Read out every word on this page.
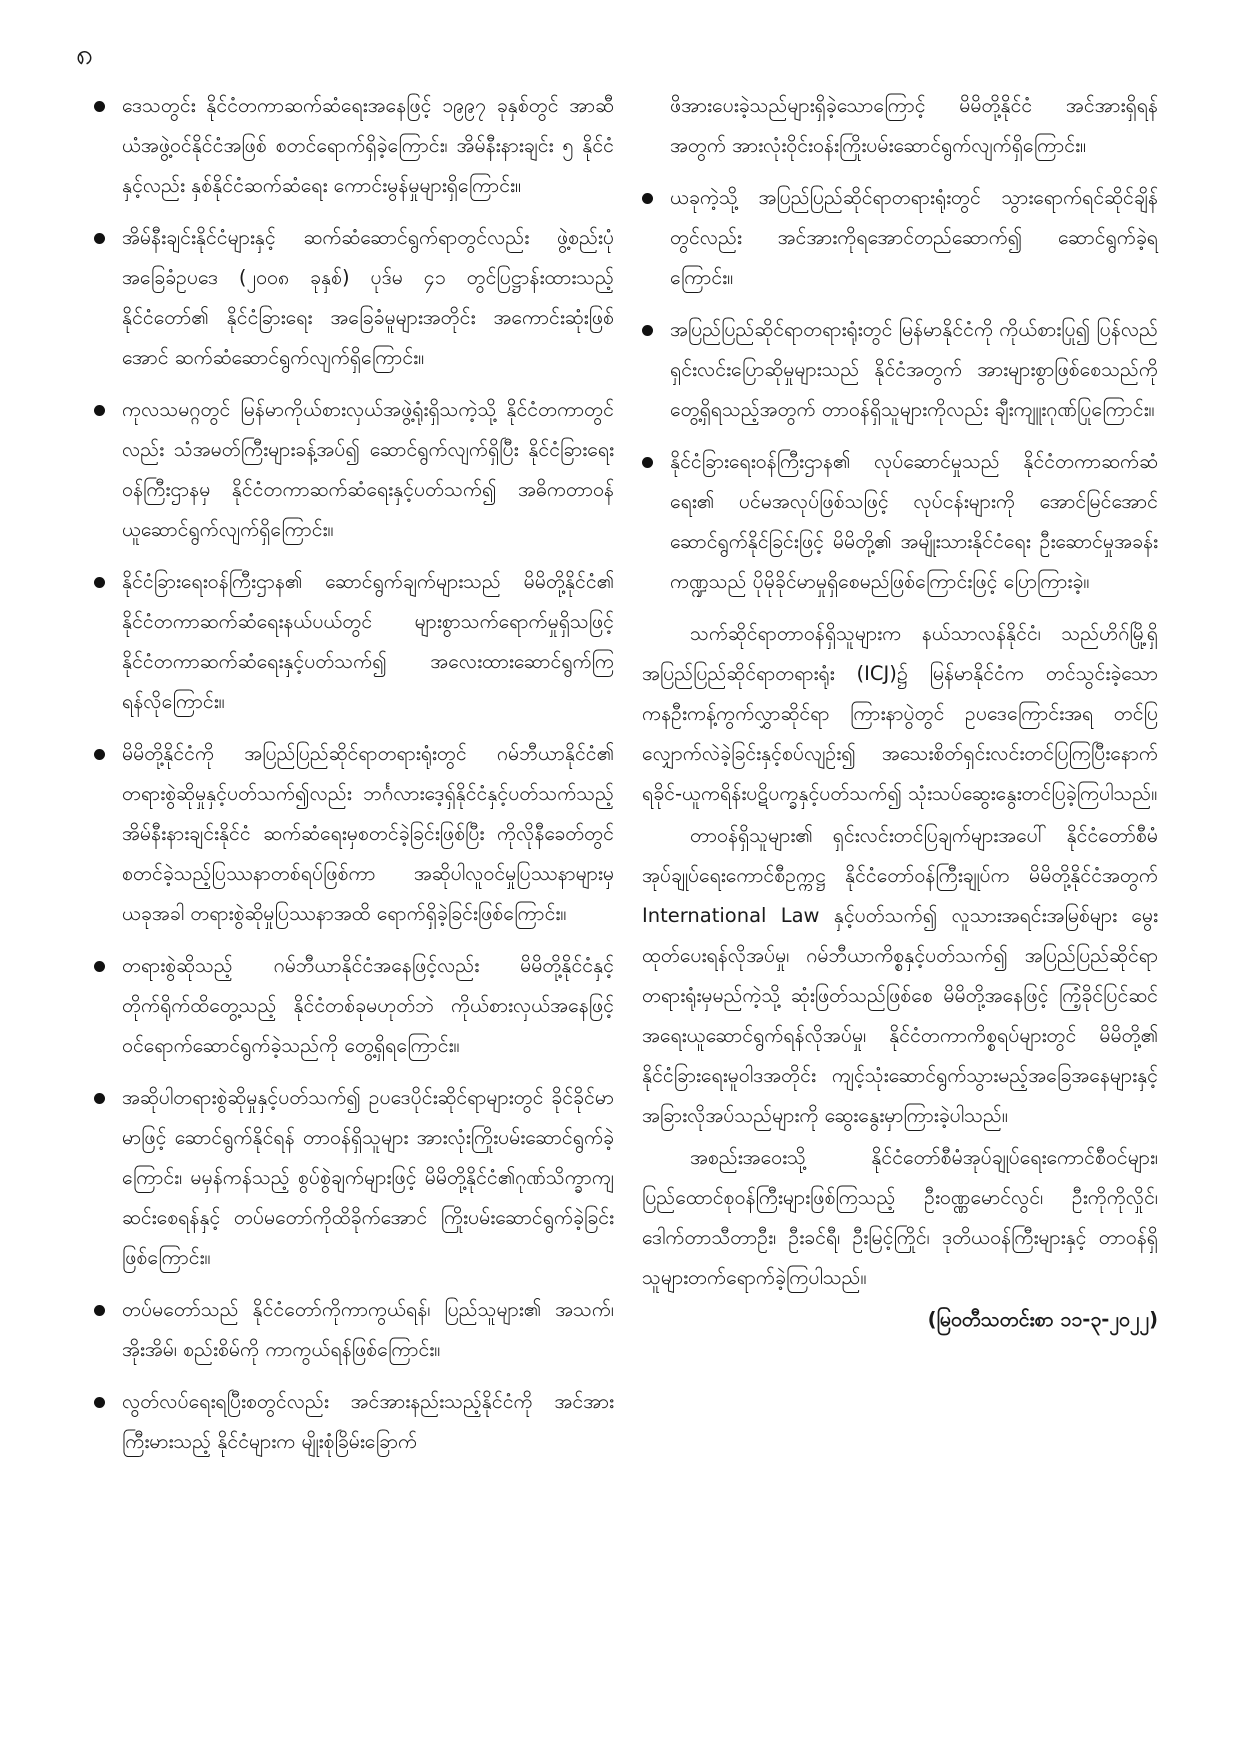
၈
ဒေသတွင်း နိုင်ငံတကာဆက်ဆံရေးအနေဖြင့် ၁၉၉၇ ခုနှစ်တွင် အာဆီယံအဖွဲ့ဝင်နိုင်ငံအဖြစ် စတင်ရောက်ရှိခဲ့ကြောင်း၊ အိမ်နီးနားချင်း ၅ နိုင်ငံနှင့်လည်း နှစ်နိုင်ငံဆက်ဆံရေး ကောင်းမွန်မှုများရှိကြောင်း။
အိမ်နီးချင်းနိုင်ငံများနှင့် ဆက်ဆံဆောင်ရွက်ရာတွင်လည်း ဖွဲ့စည်းပုံအခြေခံဥပဒေ (၂၀၀၈ ခုနှစ်) ပုဒ်မ ၄၁ တွင်ပြဋ္ဌာန်းထားသည့် နိုင်ငံတော်၏ နိုင်ငံခြားရေး အခြေခံမူများအတိုင်း အကောင်းဆုံးဖြစ်အောင် ဆက်ဆံဆောင်ရွက်လျက်ရှိကြောင်း။
ကုလသမဂ္ဂတွင် မြန်မာကိုယ်စားလှယ်အဖွဲ့ရုံးရှိသကဲ့သို့ နိုင်ငံတကာတွင်လည်း သံအမတ်ကြီးများခန့်အပ်၍ ဆောင်ရွက်လျက်ရှိပြီး နိုင်ငံခြားရေးဝန်ကြီးဌာနမှ နိုင်ငံတကာဆက်ဆံရေးနှင့်ပတ်သက်၍ အဓိကတာဝန်ယူဆောင်ရွက်လျက်ရှိကြောင်း။
နိုင်ငံခြားရေးဝန်ကြီးဌာန၏ ဆောင်ရွက်ချက်များသည် မိမိတို့နိုင်ငံ၏ နိုင်ငံတကာဆက်ဆံရေးနယ်ပယ်တွင် များစွာသက်ရောက်မှုရှိသဖြင့် နိုင်ငံတကာဆက်ဆံရေးနှင့်ပတ်သက်၍ အလေးထားဆောင်ရွက်ကြရန်လိုကြောင်း။
မိမိတို့နိုင်ငံကို အပြည်ပြည်ဆိုင်ရာတရားရုံးတွင် ဂမ်ဘီယာနိုင်ငံ၏ တရားစွဲဆိုမှုနှင့်ပတ်သက်၍လည်း ဘင်္ဂလားဒေ့ရှ်နိုင်ငံနှင့်ပတ်သက်သည့် အိမ်နီးနားချင်းနိုင်ငံ ဆက်ဆံရေးမှစတင်ခဲ့ခြင်းဖြစ်ပြီး ကိုလိုနီခေတ်တွင် စတင်ခဲ့သည့်ပြဿနာတစ်ရပ်ဖြစ်ကာ အဆိုပါလူဝင်မှုပြဿနာများမှ ယခုအခါ တရားစွဲဆိုမှုပြဿနာအထိ ရောက်ရှိခဲ့ခြင်းဖြစ်ကြောင်း။
တရားစွဲဆိုသည့် ဂမ်ဘီယာနိုင်ငံအနေဖြင့်လည်း မိမိတို့နိုင်ငံနှင့် တိုက်ရိုက်ထိတွေ့သည့် နိုင်ငံတစ်ခုမဟုတ်ဘဲ ကိုယ်စားလှယ်အနေဖြင့် ဝင်ရောက်ဆောင်ရွက်ခဲ့သည်ကို တွေ့ရှိရကြောင်း။
အဆိုပါတရားစွဲဆိုမှုနှင့်ပတ်သက်၍ ဥပဒေပိုင်းဆိုင်ရာများတွင် ခိုင်ခိုင်မာမာဖြင့် ဆောင်ရွက်နိုင်ရန် တာဝန်ရှိသူများ အားလုံးကြိုးပမ်းဆောင်ရွက်ခဲ့ကြောင်း၊ မမှန်ကန်သည့် စွပ်စွဲချက်များဖြင့် မိမိတို့နိုင်ငံ၏ဂုဏ်သိက္ခာကျဆင်းစေရန်နှင့် တပ်မတော်ကိုထိခိုက်အောင် ကြိုးပမ်းဆောင်ရွက်ခဲ့ခြင်းဖြစ်ကြောင်း။
တပ်မတော်သည် နိုင်ငံတော်ကိုကာကွယ်ရန်၊ ပြည်သူများ၏ အသက်၊ အိုးအိမ်၊ စည်းစိမ်ကို ကာကွယ်ရန်ဖြစ်ကြောင်း။
လွတ်လပ်ရေးရပြီးစတွင်လည်း အင်အားနည်းသည့်နိုင်ငံကို အင်အားကြီးမားသည့် နိုင်ငံများက မျိုးစုံခြိမ်းခြောက်
ဖိအားပေးခဲ့သည်များရှိခဲ့သောကြောင့် မိမိတို့နိုင်ငံ အင်အားရှိရန်အတွက် အားလုံးဝိုင်းဝန်းကြိုးပမ်းဆောင်ရွက်လျက်ရှိကြောင်း။
ယခုကဲ့သို့ အပြည်ပြည်ဆိုင်ရာတရားရုံးတွင် သွားရောက်ရင်ဆိုင်ချိန်တွင်လည်း အင်အားကိုရအောင်တည်ဆောက်၍ ဆောင်ရွက်ခဲ့ရကြောင်း။
အပြည်ပြည်ဆိုင်ရာတရားရုံးတွင် မြန်မာနိုင်ငံကို ကိုယ်စားပြု၍ ပြန်လည်ရှင်းလင်းပြောဆိုမှုများသည် နိုင်ငံအတွက် အားများစွာဖြစ်စေသည်ကိုတွေ့ရှိရသည့်အတွက် တာဝန်ရှိသူများကိုလည်း ချီးကျူးဂုဏ်ပြုကြောင်း။
နိုင်ငံခြားရေးဝန်ကြီးဌာန၏ လုပ်ဆောင်မှုသည် နိုင်ငံတကာဆက်ဆံရေး၏ ပင်မအလုပ်ဖြစ်သဖြင့် လုပ်ငန်းများကို အောင်မြင်အောင် ဆောင်ရွက်နိုင်ခြင်းဖြင့် မိမိတို့၏ အမျိုးသားနိုင်ငံရေး ဦးဆောင်မှုအခန်းကဏ္ဍသည် ပိုမိုခိုင်မာမှုရှိစေမည်ဖြစ်ကြောင်းဖြင့် ပြောကြားခဲ့။

သက်ဆိုင်ရာတာဝန်ရှိသူများက နယ်သာလန်နိုင်ငံ၊ သည်ဟိဂ်မြို့ရှိ အပြည်ပြည်ဆိုင်ရာတရားရုံး (ICJ)၌ မြန်မာနိုင်ငံက တင်သွင်းခဲ့သော ကနဦးကန့်ကွက်လွှာဆိုင်ရာ ကြားနာပွဲတွင် ဥပဒေကြောင်းအရ တင်ပြလျှောက်လဲခဲ့ခြင်းနှင့်စပ်လျဉ်း၍ အသေးစိတ်ရှင်းလင်းတင်ပြကြပြီးနောက် ရခိုင်-ယူကရိန်းပဋိပက္ခနှင့်ပတ်သက်၍ သုံးသပ်ဆွေးနွေးတင်ပြခဲ့ကြပါသည်။

တာဝန်ရှိသူများ၏ ရှင်းလင်းတင်ပြချက်များအပေါ် နိုင်ငံတော်စီမံအုပ်ချုပ်ရေးကောင်စီဥက္ကဋ္ဌ နိုင်ငံတော်ဝန်ကြီးချုပ်က မိမိတို့နိုင်ငံအတွက် International Law နှင့်ပတ်သက်၍ လူသားအရင်းအမြစ်များ မွေးထုတ်ပေးရန်လိုအပ်မှု၊ ဂမ်ဘီယာကိစ္စနှင့်ပတ်သက်၍ အပြည်ပြည်ဆိုင်ရာတရားရုံးမှမည်ကဲ့သို့ ဆုံးဖြတ်သည်ဖြစ်စေ မိမိတို့အနေဖြင့် ကြံ့ခိုင်ပြင်ဆင်အရေးယူဆောင်ရွက်ရန်လိုအပ်မှု၊ နိုင်ငံတကာကိစ္စရပ်များတွင် မိမိတို့၏ နိုင်ငံခြားရေးမူဝါဒအတိုင်း ကျင့်သုံးဆောင်ရွက်သွားမည့်အခြေအနေများနှင့် အခြားလိုအပ်သည်များကို ဆွေးနွေးမှာကြားခဲ့ပါသည်။

အစည်းအဝေးသို့ နိုင်ငံတော်စီမံအုပ်ချုပ်ရေးကောင်စီဝင်များ၊ ပြည်ထောင်စုဝန်ကြီးများဖြစ်ကြသည့် ဦးဝဏ္ဏမောင်လွင်၊ ဦးကိုကိုလှိုင်၊ ဒေါက်တာသီတာဦး၊ ဦးခင်ရီ၊ ဦးမြင့်ကြိုင်၊ ဒုတိယဝန်ကြီးများနှင့် တာဝန်ရှိသူများတက်ရောက်ခဲ့ကြပါသည်။

(မြဝတီသတင်းစာ ၁၁-၃-၂၀၂၂)
